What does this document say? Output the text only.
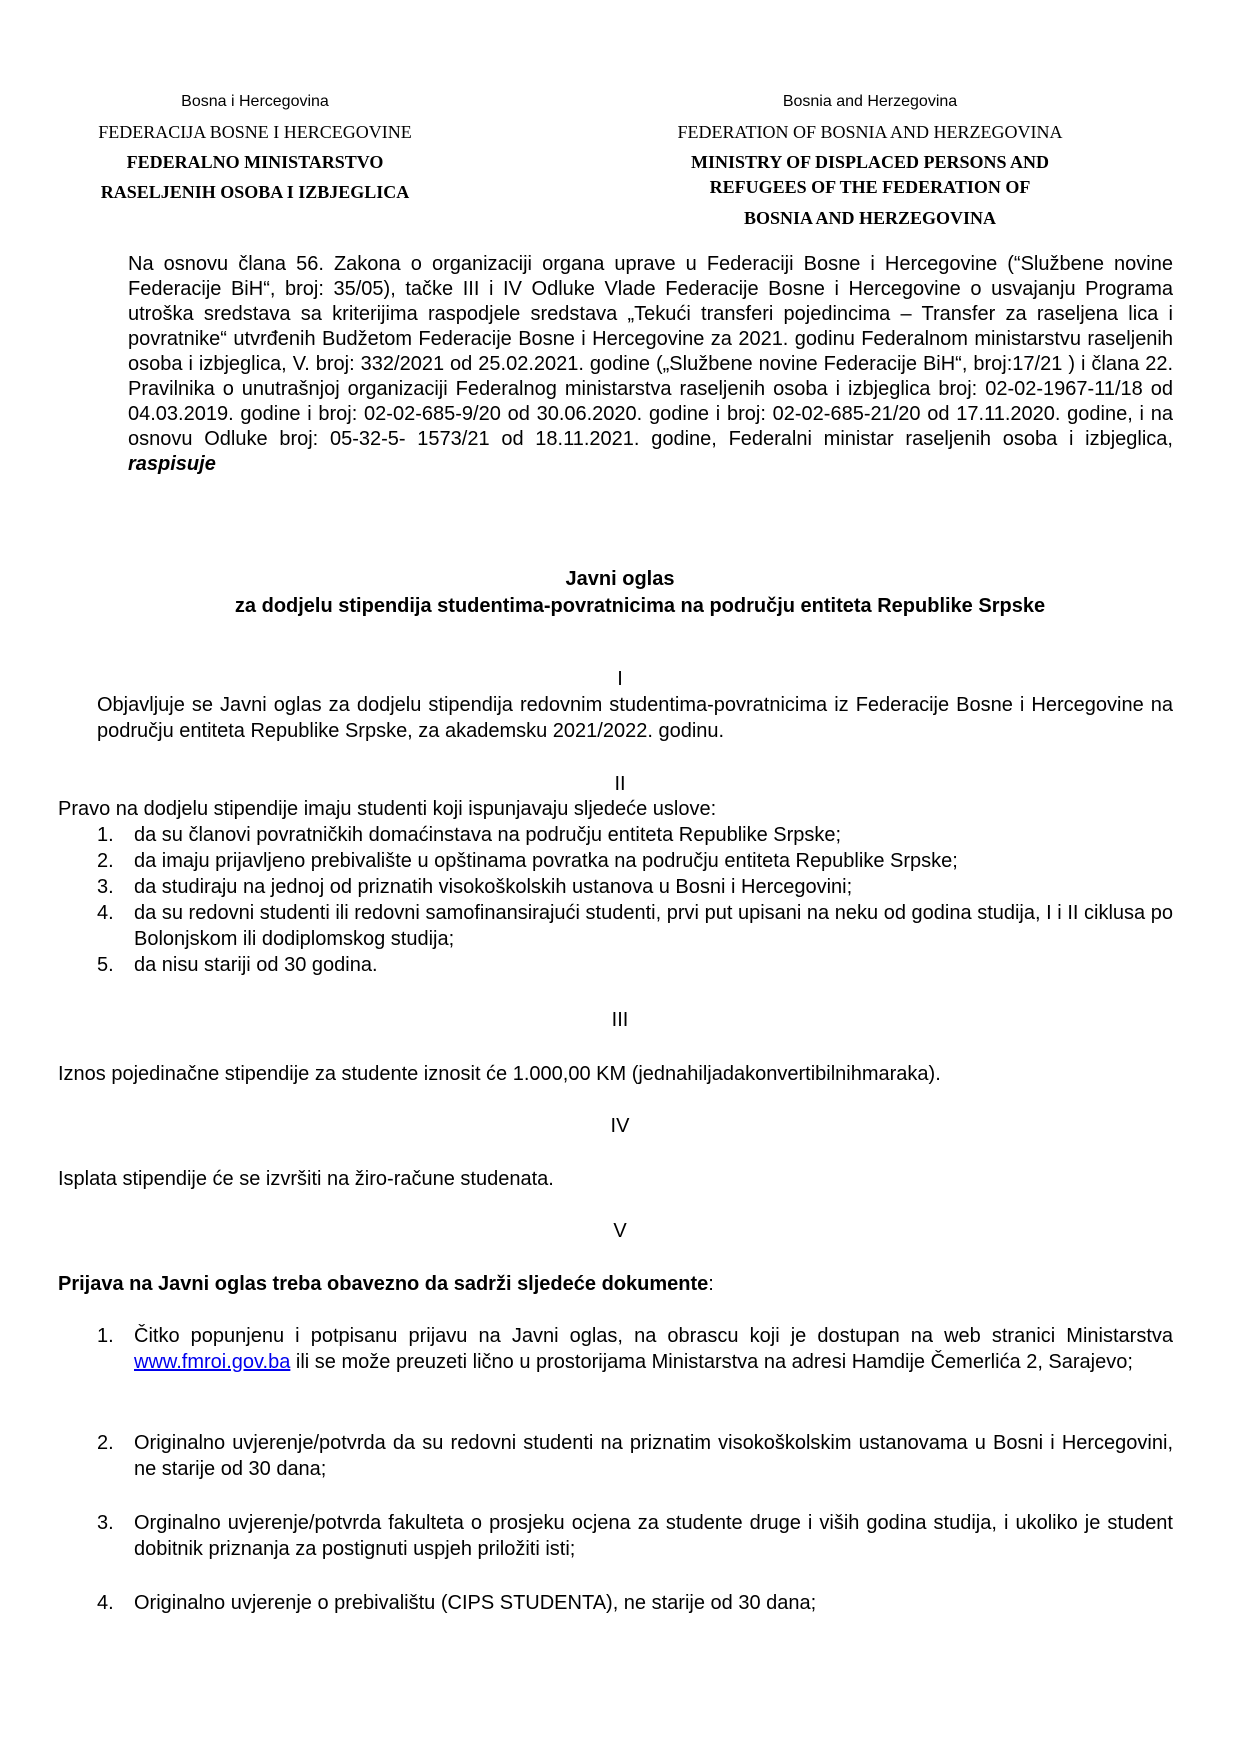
Bosna i Hercegovina
FEDERACIJA BOSNE I HERCEGOVINE
FEDERALNO MINISTARSTVO
RASELJENIH OSOBA I IZBJEGLICA
Bosnia and Herzegovina
FEDERATION OF BOSNIA AND HERZEGOVINA
MINISTRY OF DISPLACED PERSONS AND
REFUGEES OF THE FEDERATION OF
BOSNIA AND HERZEGOVINA
Na osnovu člana 56. Zakona o organizaciji organa uprave u Federaciji Bosne i Hercegovine (“Službene novine Federacije BiH“, broj: 35/05), tačke III i IV Odluke Vlade Federacije Bosne i Hercegovine o usvajanju Programa utroška sredstava sa kriterijima raspodjele sredstava „Tekući transferi pojedincima – Transfer za raseljena lica i povratnike“ utvrđenih Budžetom Federacije Bosne i Hercegovine za 2021. godinu Federalnom ministarstvu raseljenih osoba i izbjeglica, V. broj: 332/2021 od 25.02.2021. godine („Službene novine Federacije BiH“, broj:17/21 ) i člana 22. Pravilnika o unutrašnjoj organizaciji Federalnog ministarstva raseljenih osoba i izbjeglica broj: 02-02-1967-11/18 od 04.03.2019. godine i broj: 02-02-685-9/20 od 30.06.2020. godine i broj: 02-02-685-21/20 od 17.11.2020. godine, i na osnovu Odluke broj: 05-32-5- 1573/21 od 18.11.2021. godine, Federalni ministar raseljenih osoba i izbjeglica, raspisuje
Javni oglas
za dodjelu stipendija studentima-povratnicima na području entiteta Republike Srpske
I
Objavljuje se Javni oglas za dodjelu stipendija redovnim studentima-povratnicima iz Federacije Bosne i Hercegovine na području entiteta Republike Srpske, za akademsku 2021/2022. godinu.
II
Pravo na dodjelu stipendije imaju studenti koji ispunjavaju sljedeće uslove:
1. da su članovi povratničkih domaćinstava na području entiteta Republike Srpske;
2. da imaju prijavljeno prebivalište u opštinama povratka na području entiteta Republike Srpske;
3. da studiraju na jednoj od priznatih visokoškolskih ustanova u Bosni i Hercegovini;
4. da su redovni studenti ili redovni samofinansirajući studenti, prvi put upisani na neku od godina studija, I i II ciklusa po Bolonjskom ili dodiplomskog studija;
5. da nisu stariji od 30 godina.
III
Iznos pojedinačne stipendije za studente iznosit će 1.000,00 KM (jednahiljadakonvertibilnihmaraka).
IV
Isplata stipendije će se izvršiti na žiro-račune studenata.
V
Prijava na Javni oglas treba obavezno da sadrži sljedeće dokumente:
1. Čitko popunjenu i potpisanu prijavu na Javni oglas, na obrascu koji je dostupan na web stranici Ministarstva www.fmroi.gov.ba ili se može preuzeti lično u prostorijama Ministarstva na adresi Hamdije Čemerlića 2, Sarajevo;
2. Originalno uvjerenje/potvrda da su redovni studenti na priznatim visokoškolskim ustanovama u Bosni i Hercegovini, ne starije od 30 dana;
3. Orginalno uvjerenje/potvrda fakulteta o prosjeku ocjena za studente druge i viših godina studija, i ukoliko je student dobitnik priznanja za postignuti uspjeh priložiti isti;
4. Originalno uvjerenje o prebivalištu (CIPS STUDENTA), ne starije od 30 dana;
